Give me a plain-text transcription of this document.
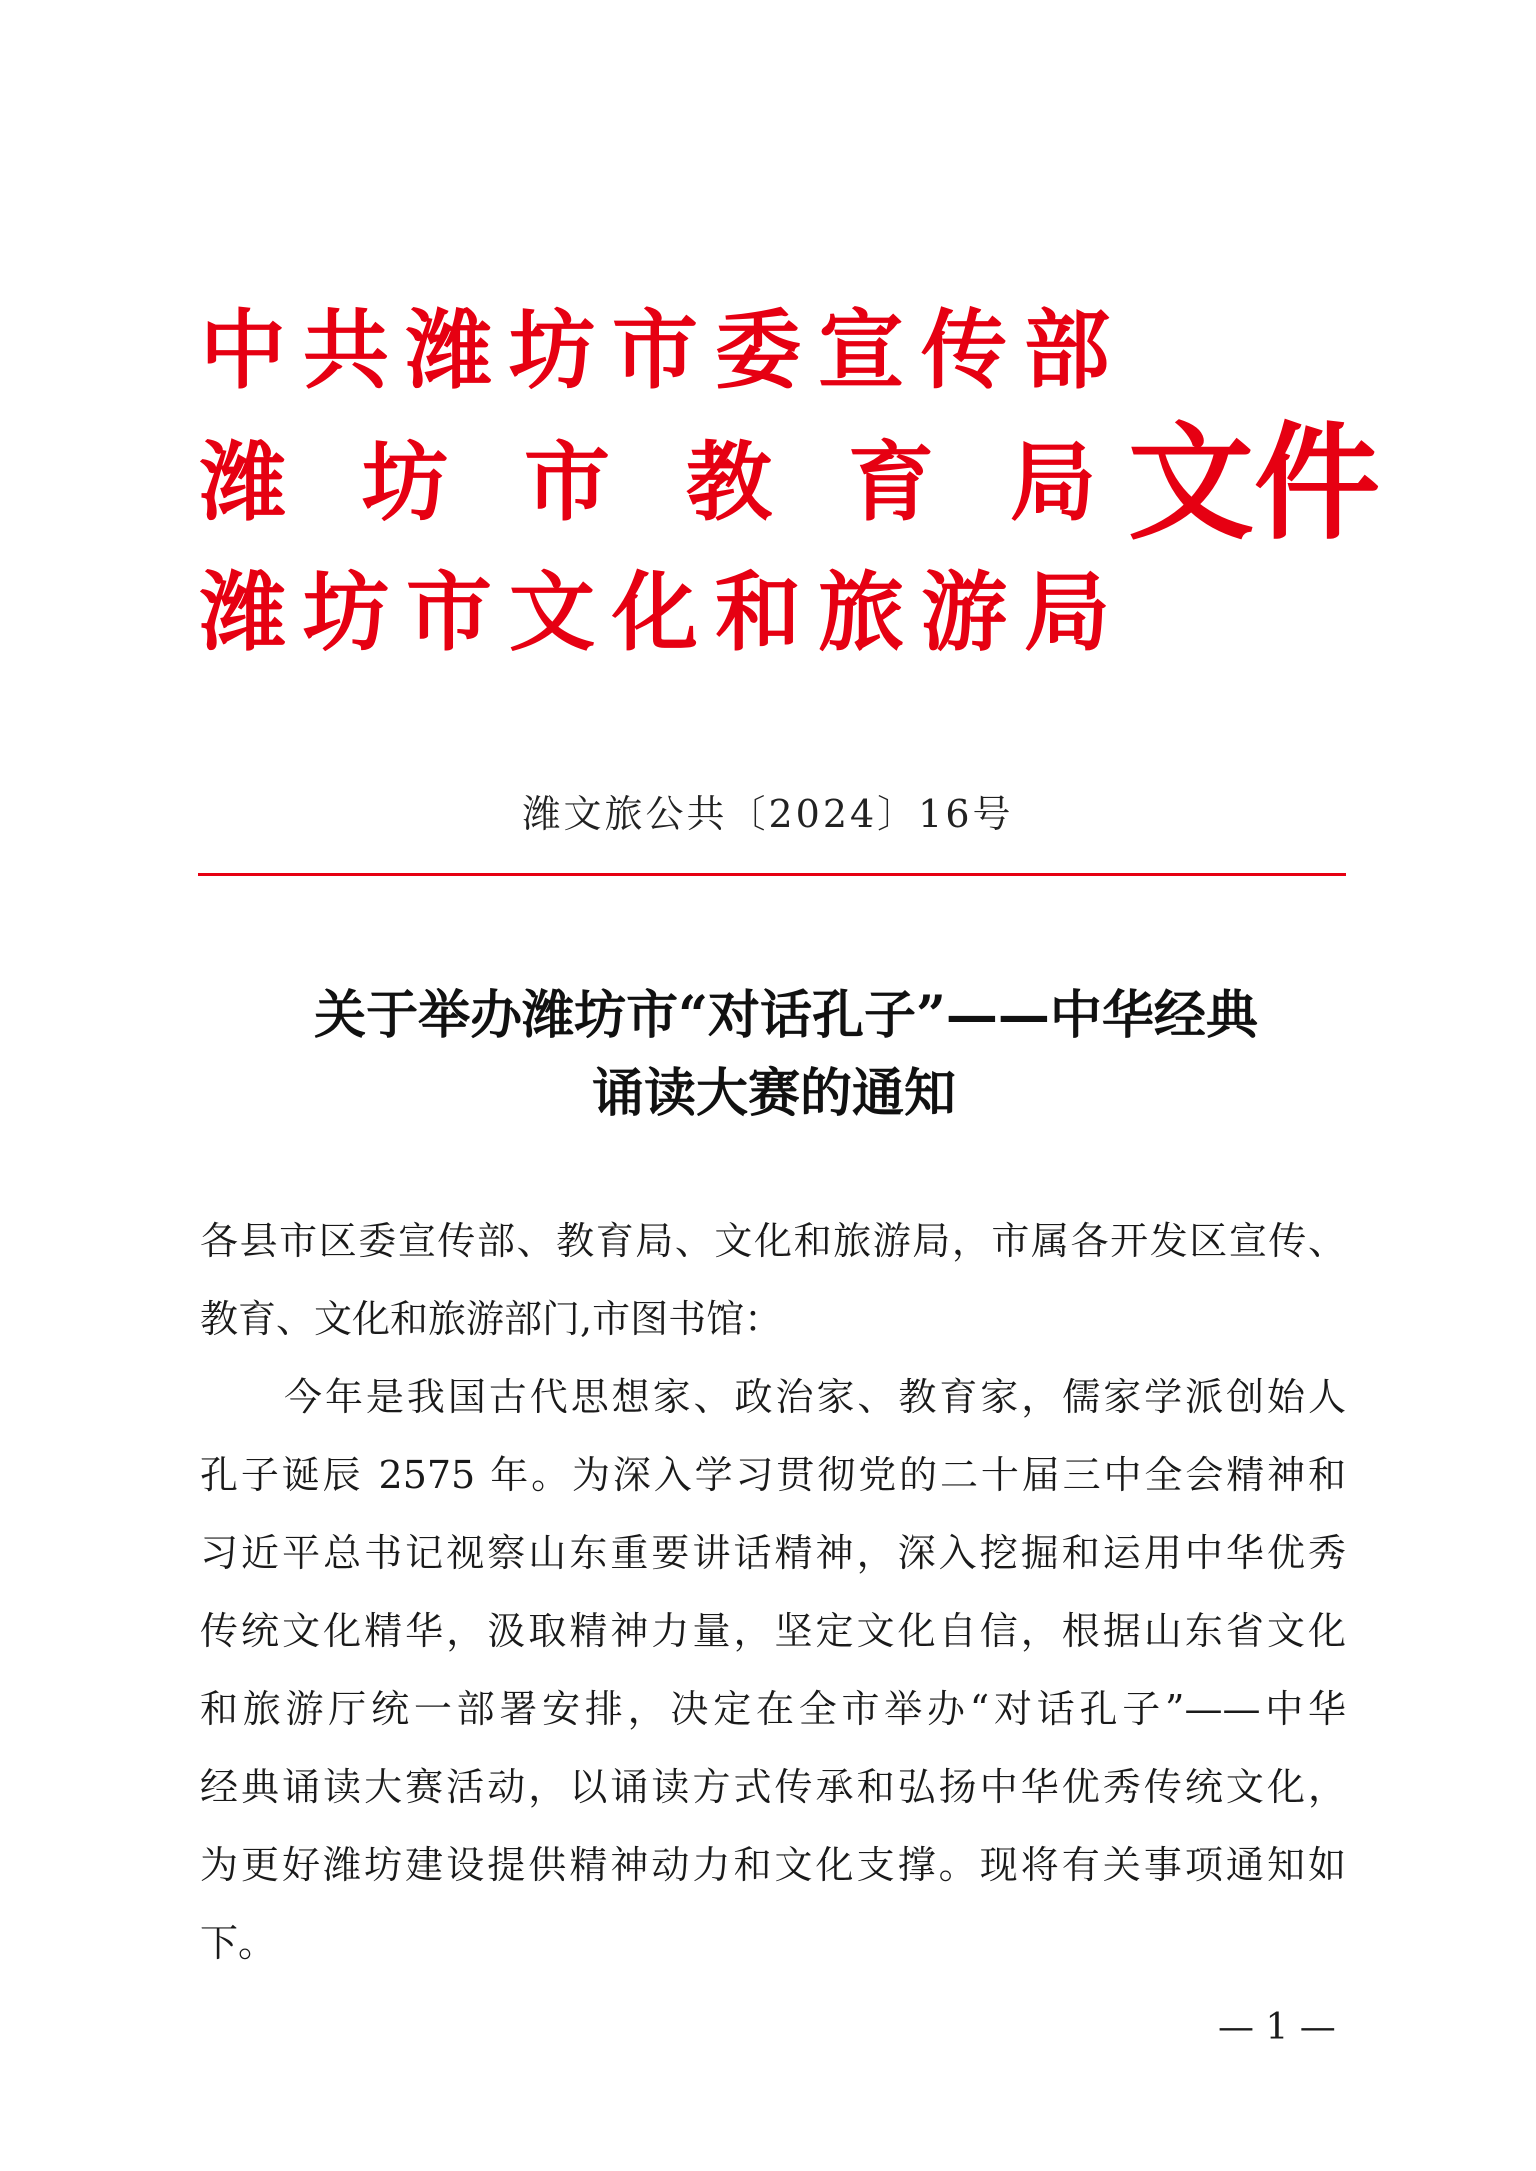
中共潍坊市委宣传部
潍 坊 市 教 育 局
潍坊市文化和旅游局
文件
潍文旅公共〔2024〕16号
关于举办潍坊市“对话孔子”——中华经典
诵读大赛的通知
各县市区委宣传部、教育局、文化和旅游局，市属各开发区宣传、
教育、文化和旅游部门,市图书馆：
今年是我国古代思想家、政治家、教育家，儒家学派创始人
孔子诞辰 2575 年。为深入学习贯彻党的二十届三中全会精神和
习近平总书记视察山东重要讲话精神，深入挖掘和运用中华优秀
传统文化精华，汲取精神力量，坚定文化自信，根据山东省文化
和旅游厅统一部署安排，决定在全市举办“对话孔子”——中华
经典诵读大赛活动，以诵读方式传承和弘扬中华优秀传统文化，
为更好潍坊建设提供精神动力和文化支撑。现将有关事项通知如
下。
— 1 —
